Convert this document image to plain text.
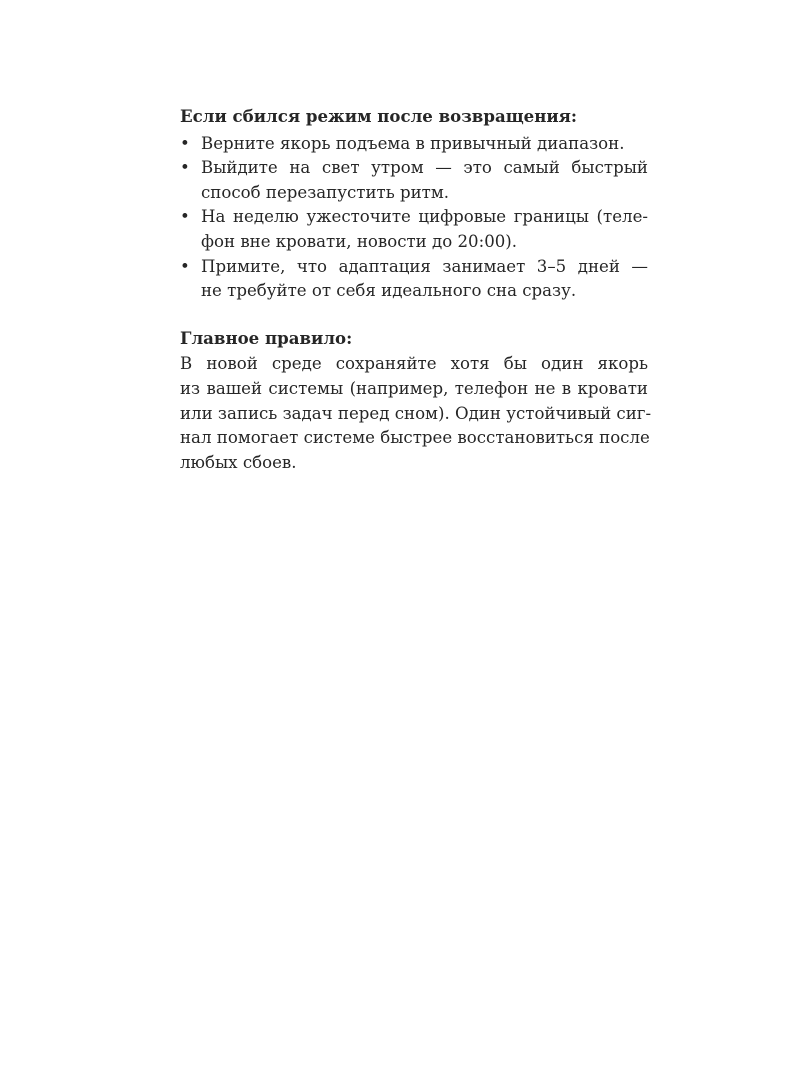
Если сбился режим после возвращения:

• Верните якорь подъема в привычный диапазон.
• Выйдите на свет утром — это самый быстрый
способ перезапустить ритм.
• На неделю ужесточите цифровые границы (теле-
фон вне кровати, новости до 20:00).
• Примите, что адаптация занимает 3–5 дней —
не требуйте от себя идеального сна сразу.

Главное правило:

В новой среде сохраняйте хотя бы один якорь
из вашей системы (например, телефон не в кровати
или запись задач перед сном). Один устойчивый сиг-
нал помогает системе быстрее восстановиться после
любых сбоев.
